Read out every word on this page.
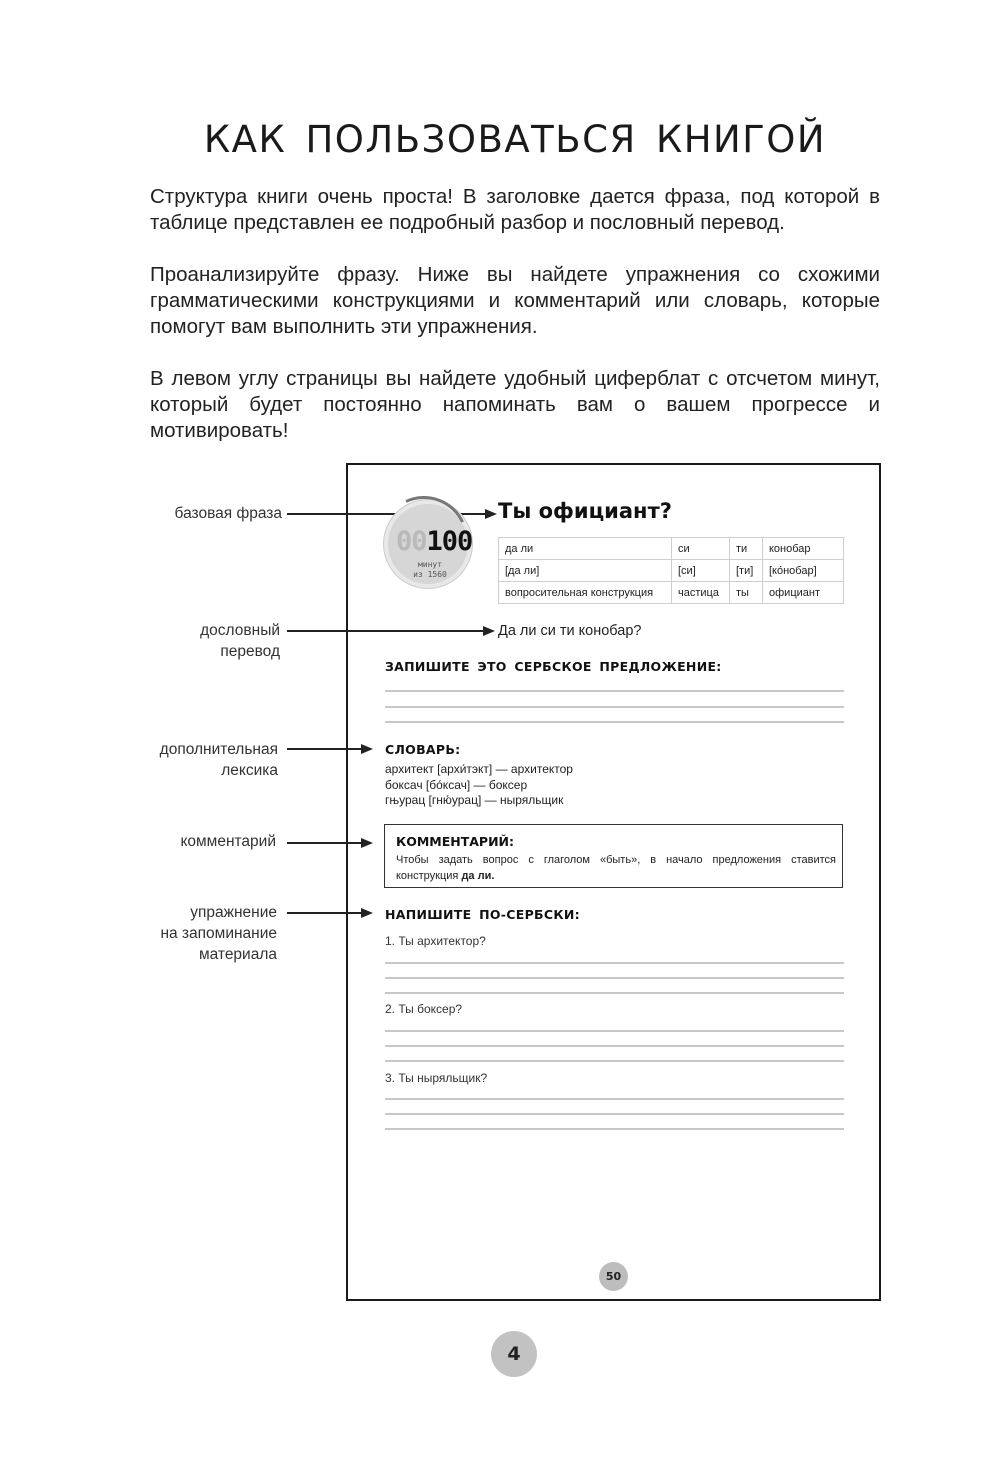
КАК ПОЛЬЗОВАТЬСЯ КНИГОЙ

Структура книги очень проста! В заголовке дается фраза, под которой в таблице представлен ее подробный разбор и пословный перевод.

Проанализируйте фразу. Ниже вы найдете упражнения со схожими грамматическими конструкциями и комментарий или словарь, которые помогут вам выполнить эти упражнения.

В левом углу страницы вы найдете удобный циферблат с отсчетом минут, который будет постоянно напоминать вам о вашем прогрессе и мотивировать!

базовая фраза
дословный
перевод
дополнительная
лексика
комментарий
упражнение
на запоминание
материала
00100
минут
из 1560
Ты официант?
да ли	си	ти	конобар
[да ли]	[си]	[ти]	[ко́нобар]
вопросительная конструкция	частица	ты	официант
Да ли си ти конобар?
ЗАПИШИТЕ ЭТО СЕРБСКОЕ ПРЕДЛОЖЕНИЕ:
СЛОВАРЬ:
архитект [архи́тэкт] — архитектор
боксач [бо́ксач] — боксер
гњурац [гню́урац] — ныряльщик
КОММЕНТАРИЙ:
Чтобы задать вопрос с глаголом «быть», в начало предложения ставится конструкция да ли.
НАПИШИТЕ ПО-СЕРБСКИ:
1. Ты архитектор?
2. Ты боксер?
3. Ты ныряльщик?
50
4
